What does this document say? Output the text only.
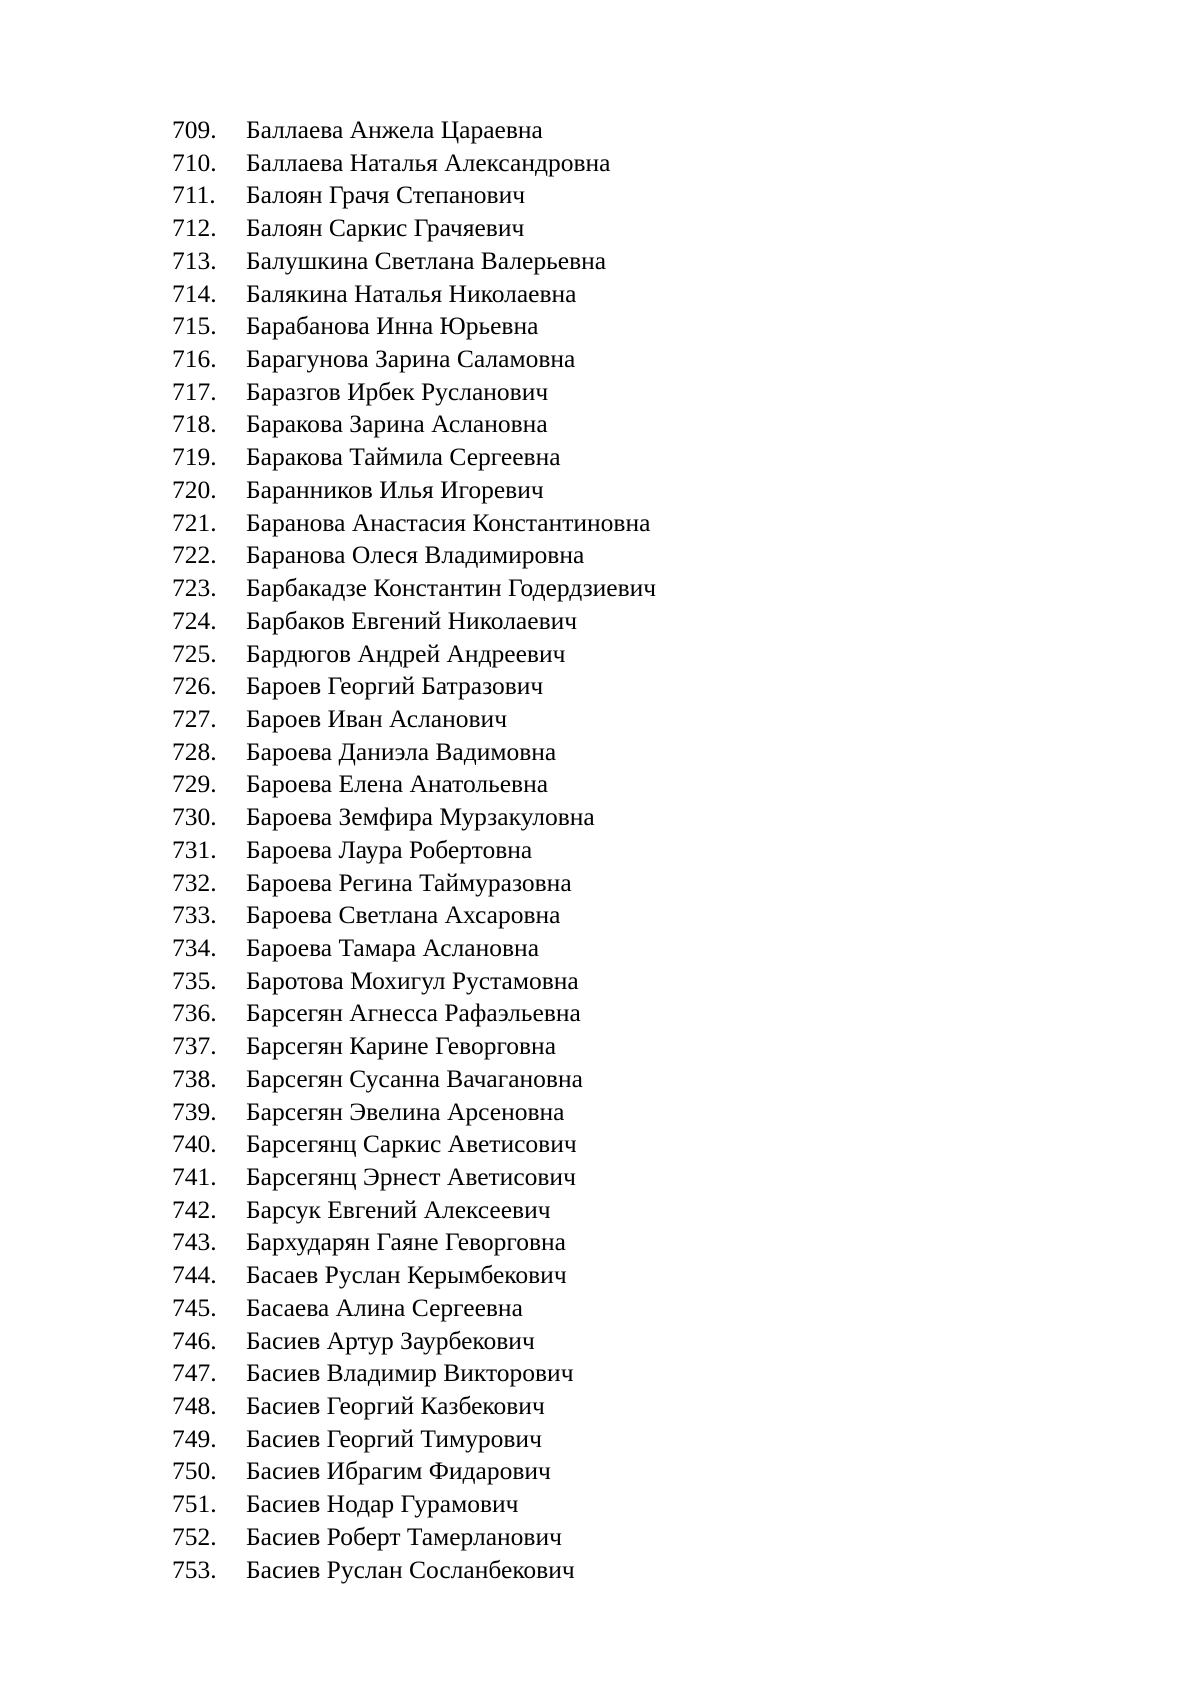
709.	Баллаева Анжела Цараевна
710.	Баллаева Наталья Александровна
711.	Балоян Грачя Степанович
712.	Балоян Саркис Грачяевич
713.	Балушкина Светлана Валерьевна
714.	Балякина Наталья Николаевна
715.	Барабанова Инна Юрьевна
716.	Барагунова Зарина Саламовна
717.	Баразгов Ирбек Русланович
718.	Баракова Зарина Аслановна
719.	Баракова Таймила Сергеевна
720.	Баранников Илья Игоревич
721.	Баранова Анастасия Константиновна
722.	Баранова Олеся Владимировна
723.	Барбакадзе Константин Годердзиевич
724.	Барбаков Евгений Николаевич
725.	Бардюгов Андрей Андреевич
726.	Бароев Георгий Батразович
727.	Бароев Иван Асланович
728.	Бароева Даниэла Вадимовна
729.	Бароева Елена Анатольевна
730.	Бароева Земфира Мурзакуловна
731.	Бароева Лаура Робертовна
732.	Бароева Регина Таймуразовна
733.	Бароева Светлана Ахсаровна
734.	Бароева Тамара Аслановна
735.	Баротова Мохигул Рустамовна
736.	Барсегян Агнесса Рафаэльевна
737.	Барсегян Карине Геворговна
738.	Барсегян Сусанна Вачагановна
739.	Барсегян Эвелина Арсеновна
740.	Барсегянц Саркис Аветисович
741.	Барсегянц Эрнест Аветисович
742.	Барсук Евгений Алексеевич
743.	Бархударян Гаяне Геворговна
744.	Басаев Руслан Керымбекович
745.	Басаева Алина Сергеевна
746.	Басиев Артур Заурбекович
747.	Басиев Владимир Викторович
748.	Басиев Георгий Казбекович
749.	Басиев Георгий Тимурович
750.	Басиев Ибрагим Фидарович
751.	Басиев Нодар Гурамович
752.	Басиев Роберт Тамерланович
753.	Басиев Руслан Сосланбекович
